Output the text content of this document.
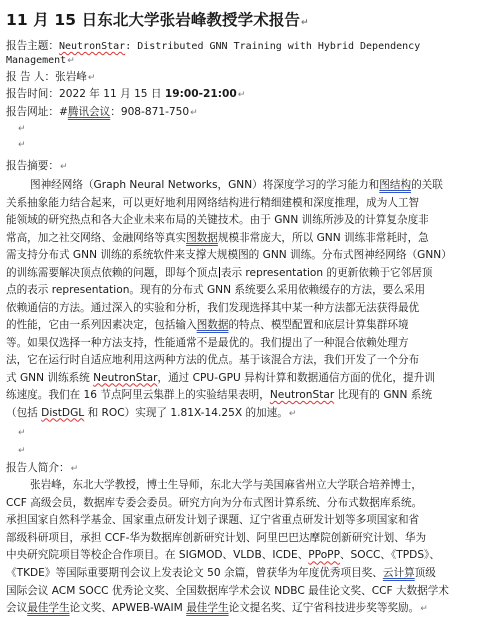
11 月 15 日东北大学张岩峰教授学术报告↵
报告主题：NeutronStar: Distributed GNN Training with Hybrid Dependency
Management↵
报 告 人：张岩峰↵
报告时间：2022 年 11 月 15 日 19:00-21:00↵
报告网址：#腾讯会议：908-871-750↵
↵
↵
报告摘要：↵
图神经网络（Graph Neural Networks，GNN）将深度学习的学习能力和图结构的关联
关系抽象能力结合起来，可以更好地利用网络结构进行精细建模和深度推理，成为人工智
能领域的研究热点和各大企业未来布局的关键技术。由于 GNN 训练所涉及的计算复杂度非
常高，加之社交网络、金融网络等真实图数据规模非常庞大，所以 GNN 训练非常耗时，急
需支持分布式 GNN 训练的系统软件来支撑大规模图的 GNN 训练。分布式图神经网络（GNN）
的训练需要解决顶点依赖的问题，即每个顶点 表示 representation 的更新依赖于它邻居顶
点的表示 representation。现有的分布式 GNN 系统要么采用依赖缓存的方法，要么采用
依赖通信的方法。通过深入的实验和分析，我们发现选择其中某一种方法都无法获得最优
的性能，它由一系列因素决定，包括输入图数据的特点、模型配置和底层计算集群环境
等。如果仅选择一种方法支持，性能通常不是最优的。我们提出了一种混合依赖处理方
法，它在运行时自适应地利用这两种方法的优点。基于该混合方法，我们开发了一个分布
式 GNN 训练系统 NeutronStar，通过 CPU-GPU 异构计算和数据通信方面的优化，提升训
练速度。我们在 16 节点阿里云集群上的实验结果表明，NeutronStar 比现有的 GNN 系统
（包括 DistDGL 和 ROC）实现了 1.81X-14.25X 的加速。↵
↵
↵
报告人简介：↵
张岩峰，东北大学教授，博士生导师，东北大学与美国麻省州立大学联合培养博士，
CCF 高级会员，数据库专委会委员。研究方向为分布式图计算系统、分布式数据库系统。
承担国家自然科学基金、国家重点研发计划子课题、辽宁省重点研发计划等多项国家和省
部级科研项目，承担 CCF-华为数据库创新研究计划、阿里巴巴达摩院创新研究计划、华为
中央研究院项目等校企合作项目。在 SIGMOD、VLDB、ICDE、PPoPP、SOCC、《TPDS》、
《TKDE》等国际重要期刊会议上发表论文 50 余篇，曾获华为年度优秀项目奖、云计算顶级
国际会议 ACM SOCC 优秀论文奖、全国数据库学术会议 NDBC 最佳论文奖、CCF 大数据学术
会议最佳学生论文奖、APWEB-WAIM 最佳学生论文提名奖、辽宁省科技进步奖等奖励。↵
